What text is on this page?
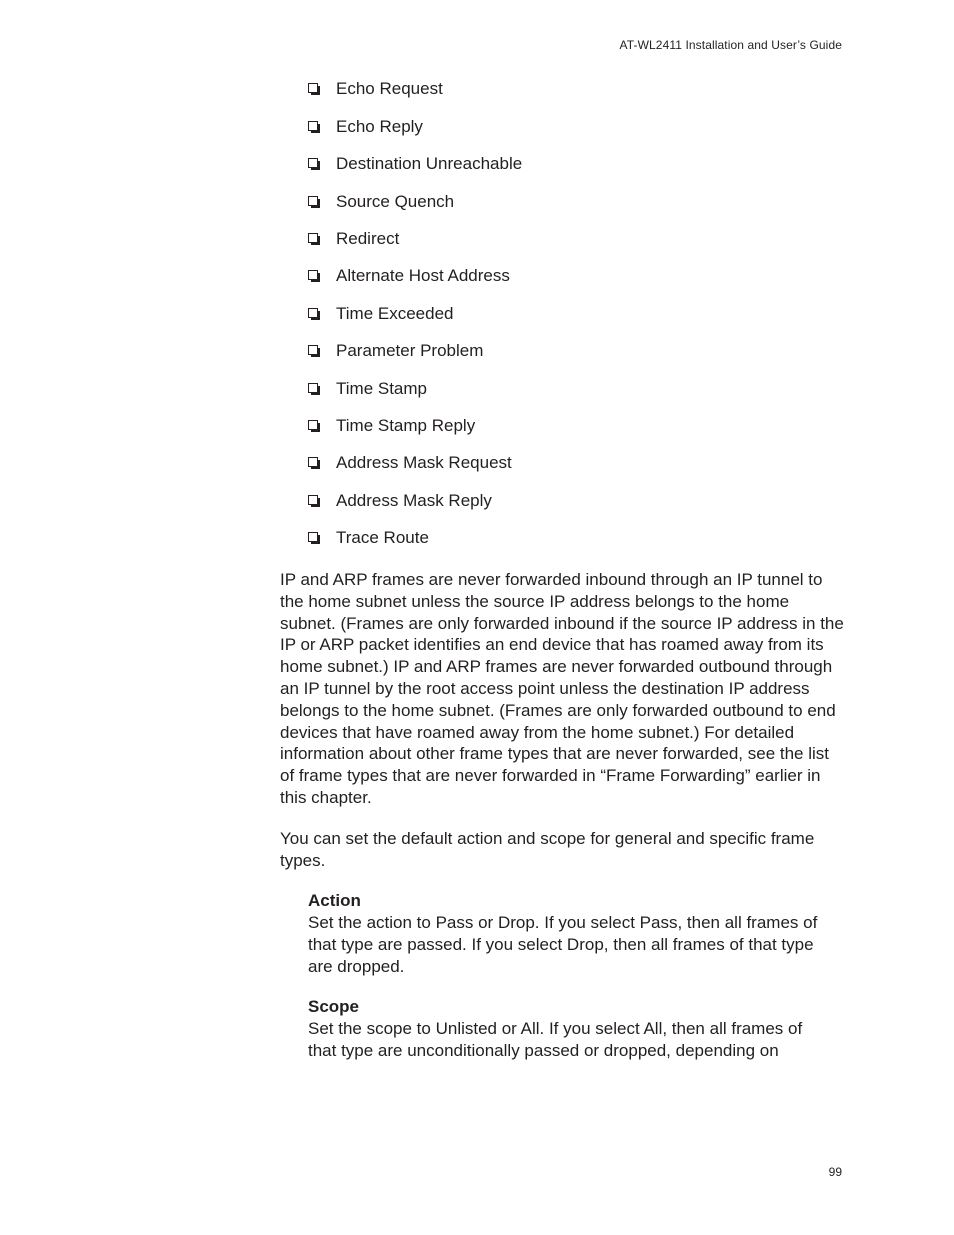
AT-WL2411 Installation and User’s Guide
Echo Request
Echo Reply
Destination Unreachable
Source Quench
Redirect
Alternate Host Address
Time Exceeded
Parameter Problem
Time Stamp
Time Stamp Reply
Address Mask Request
Address Mask Reply
Trace Route

IP and ARP frames are never forwarded inbound through an IP tunnel to the home subnet unless the source IP address belongs to the home subnet. (Frames are only forwarded inbound if the source IP address in the IP or ARP packet identifies an end device that has roamed away from its home subnet.) IP and ARP frames are never forwarded outbound through an IP tunnel by the root access point unless the destination IP address belongs to the home subnet. (Frames are only forwarded outbound to end devices that have roamed away from the home subnet.) For detailed information about other frame types that are never forwarded, see the list of frame types that are never forwarded in “Frame Forwarding” earlier in this chapter.

You can set the default action and scope for general and specific frame types.

Action

Set the action to Pass or Drop. If you select Pass, then all frames of that type are passed. If you select Drop, then all frames of that type are dropped.

Scope

Set the scope to Unlisted or All. If you select All, then all frames of that type are unconditionally passed or dropped, depending on

99
